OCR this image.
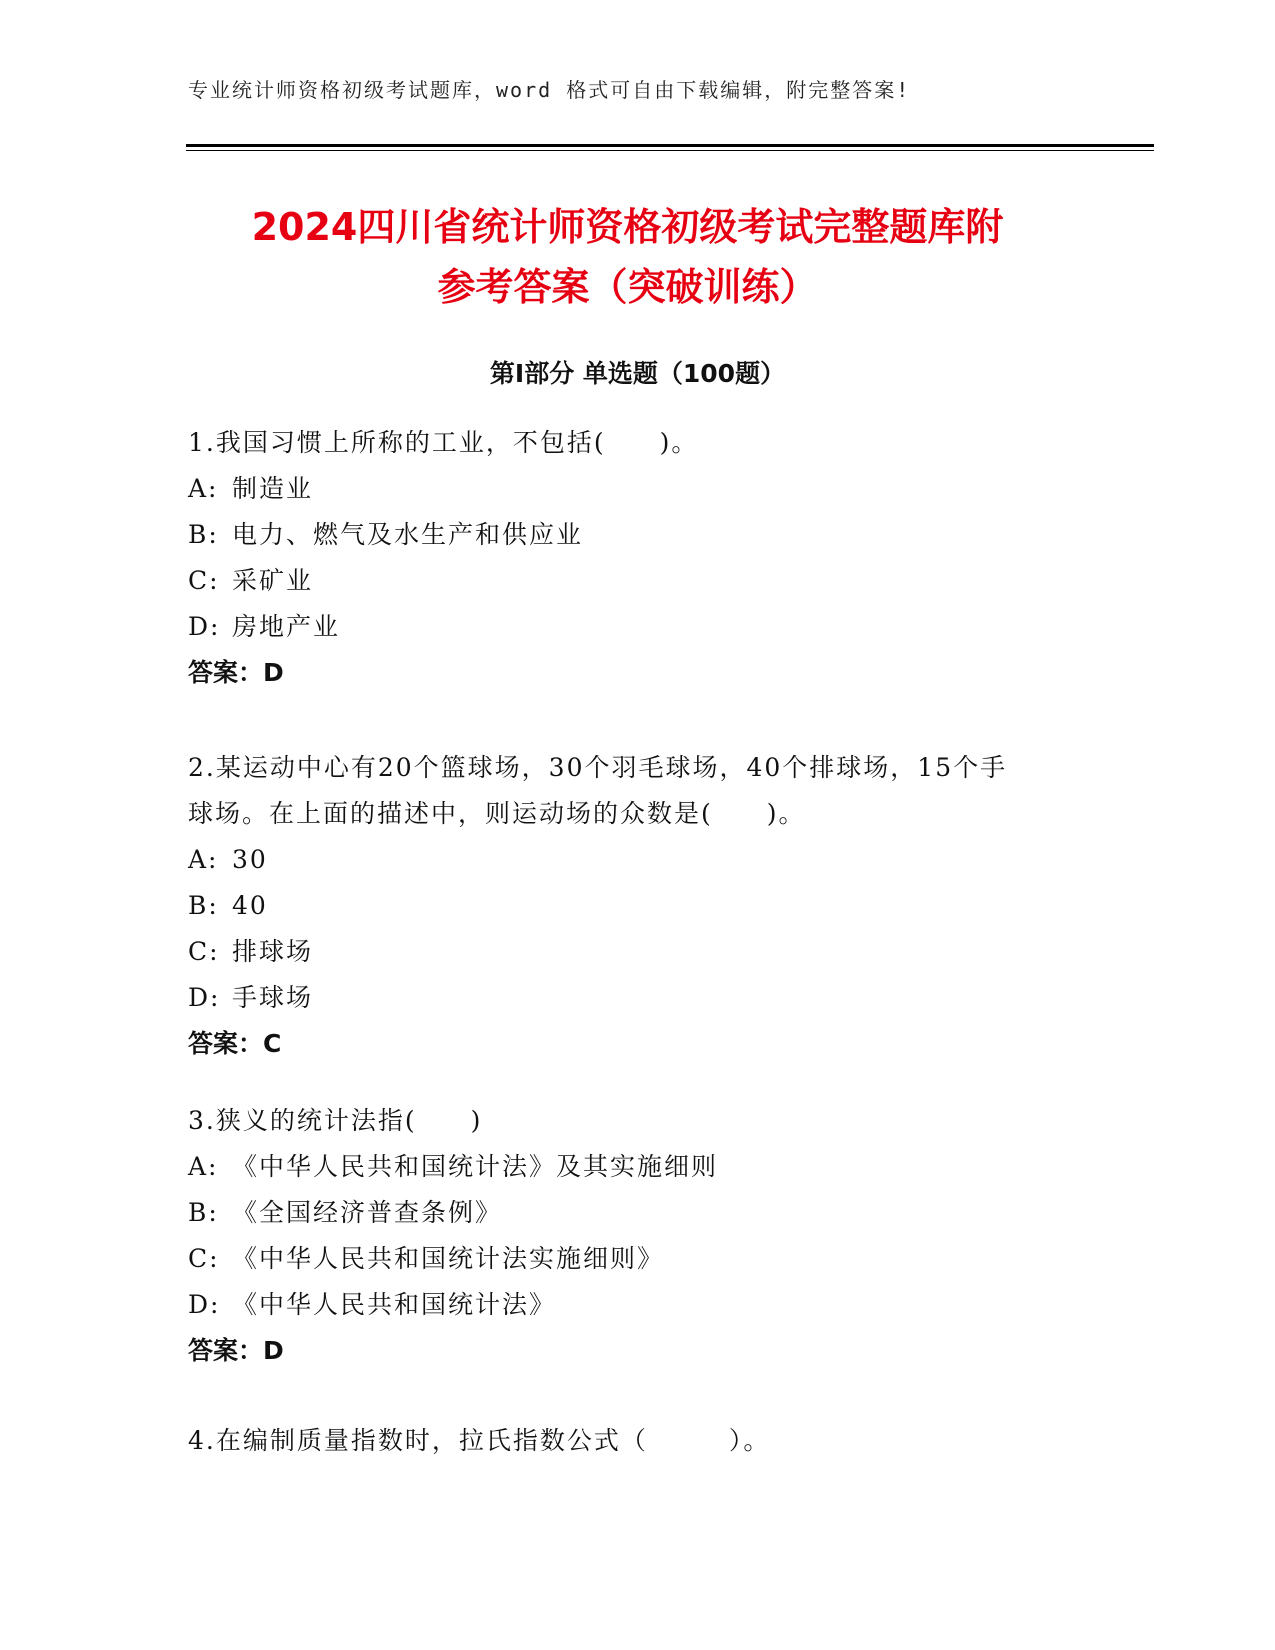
专业统计师资格初级考试题库，word 格式可自由下载编辑，附完整答案!
2024四川省统计师资格初级考试完整题库附
参考答案（突破训练）
第Ⅰ部分 单选题（100题）
1.我国习惯上所称的工业，不包括(　　)。
A: 制造业
B: 电力、燃气及水生产和供应业
C: 采矿业
D: 房地产业
答案：D
2.某运动中心有20个篮球场，30个羽毛球场，40个排球场，15个手
球场。在上面的描述中，则运动场的众数是(　　)。
A: 30
B: 40
C: 排球场
D: 手球场
答案：C
3.狭义的统计法指(　　)
A: 《中华人民共和国统计法》及其实施细则
B: 《全国经济普查条例》
C: 《中华人民共和国统计法实施细则》
D: 《中华人民共和国统计法》
答案：D
4.在编制质量指数时，拉氏指数公式（　　　）。
